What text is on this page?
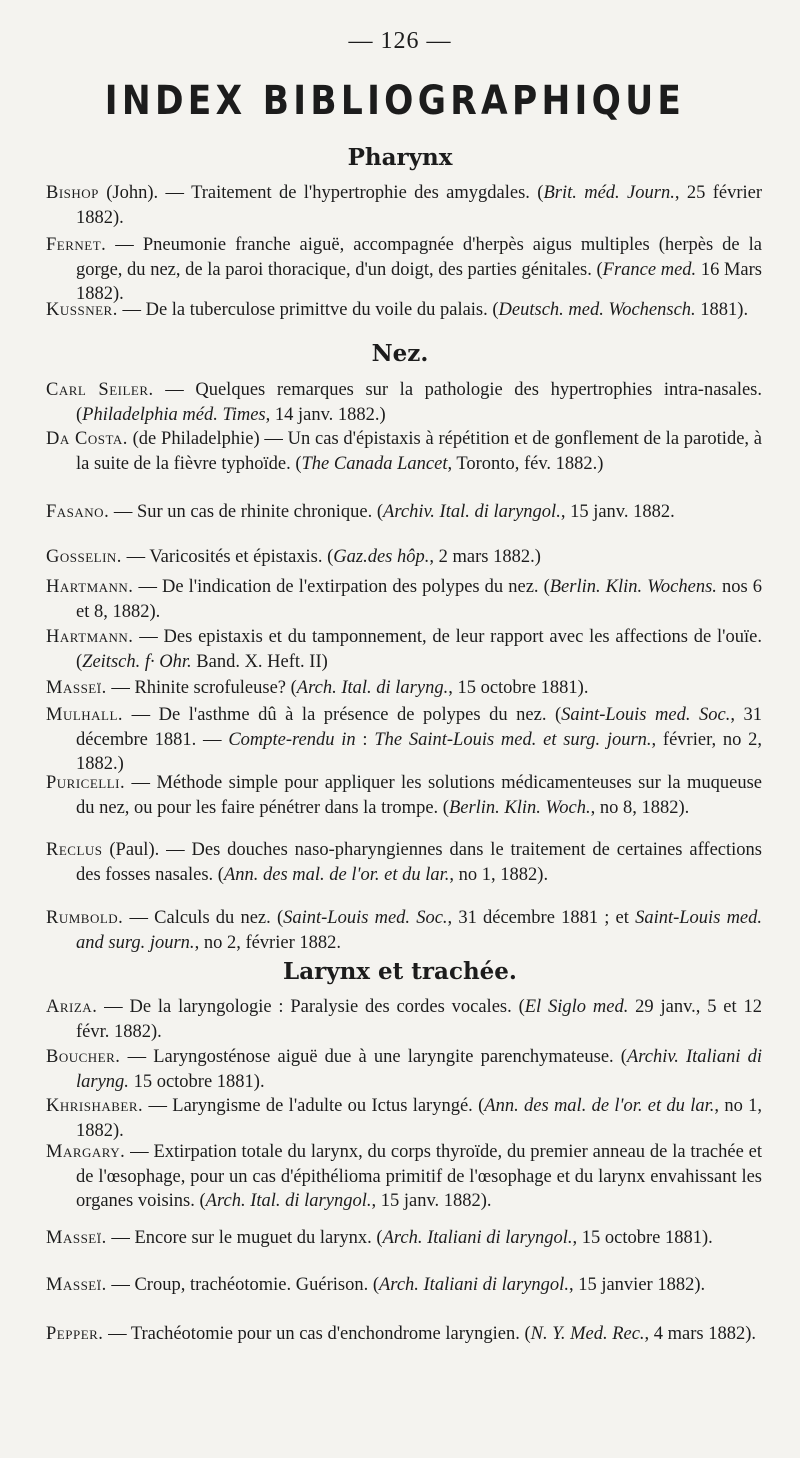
— 126 —
INDEX BIBLIOGRAPHIQUE
Pharynx
Bishop (John). — Traitement de l'hypertrophie des amygdales. (Brit. méd. Journ., 25 février 1882).
Fernet. — Pneumonie franche aiguë, accompagnée d'herpès aigus multiples (herpès de la gorge, du nez, de la paroi thoracique, d'un doigt, des parties génitales. (France med. 16 Mars 1882).
Kussner. — De la tuberculose primittve du voile du palais. (Deutsch. med. Wochensch. 1881).
Nez.
Carl Seiler. — Quelques remarques sur la pathologie des hypertrophies intra-nasales. (Philadelphia méd. Times, 14 janv. 1882.)
Da Costa. (de Philadelphie) — Un cas d'épistaxis à répétition et de gonflement de la parotide, à la suite de la fièvre typhoïde. (The Canada Lancet, Toronto, fév. 1882.)
Fasano. — Sur un cas de rhinite chronique. (Archiv. Ital. di laryngol., 15 janv. 1882.
Gosselin. — Varicosités et épistaxis. (Gaz.des hôp., 2 mars 1882.)
Hartmann. — De l'indication de l'extirpation des polypes du nez. (Berlin. Klin. Wochens. nos 6 et 8, 1882).
Hartmann. — Des epistaxis et du tamponnement, de leur rapport avec les affections de l'ouïe. (Zeitsch. f· Ohr. Band. X. Heft. II)
Masseï. — Rhinite scrofuleuse? (Arch. Ital. di laryng., 15 octobre 1881).
Mulhall. — De l'asthme dû à la présence de polypes du nez. (Saint-Louis med. Soc., 31 décembre 1881. — Compte-rendu in : The Saint-Louis med. et surg. journ., février, no 2, 1882.)
Puricelli. — Méthode simple pour appliquer les solutions médicamenteuses sur la muqueuse du nez, ou pour les faire pénétrer dans la trompe. (Berlin. Klin. Woch., no 8, 1882).
Reclus (Paul). — Des douches naso-pharyngiennes dans le traitement de certaines affections des fosses nasales. (Ann. des mal. de l'or. et du lar., no 1, 1882).
Rumbold. — Calculs du nez. (Saint-Louis med. Soc., 31 décembre 1881 ; et Saint-Louis med. and surg. journ., no 2, février 1882.
Larynx et trachée.
Ariza. — De la laryngologie : Paralysie des cordes vocales. (El Siglo med. 29 janv., 5 et 12 févr. 1882).
Boucher. — Laryngosténose aiguë due à une laryngite parenchymateuse. (Archiv. Italiani di laryng. 15 octobre 1881).
Khrishaber. — Laryngisme de l'adulte ou Ictus laryngé. (Ann. des mal. de l'or. et du lar., no 1, 1882).
Margary. — Extirpation totale du larynx, du corps thyroïde, du premier anneau de la trachée et de l'œsophage, pour un cas d'épithélioma primitif de l'œsophage et du larynx envahissant les organes voisins. (Arch. Ital. di laryngol., 15 janv. 1882).
Masseï. — Encore sur le muguet du larynx. (Arch. Italiani di laryngol., 15 octobre 1881).
Masseï. — Croup, trachéotomie. Guérison. (Arch. Italiani di laryngol., 15 janvier 1882).
Pepper. — Trachéotomie pour un cas d'enchondrome laryngien. (N. Y. Med. Rec., 4 mars 1882).
